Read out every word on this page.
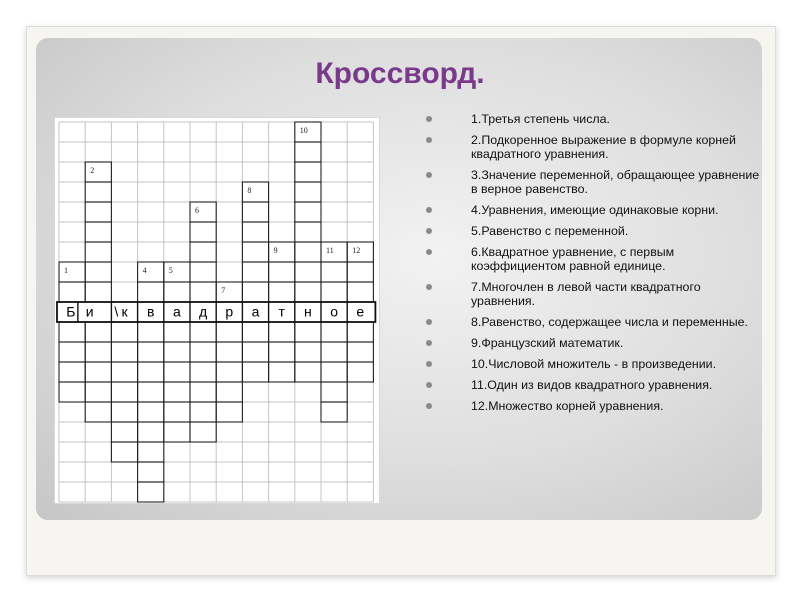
Кроссворд.
Б и \ к в а д р а т н о е
10
2
8
6
9	11 12
1	4	5
7
1.Третья степень числа.
2.Подкоренное выражение в формуле корней квадратного уравнения.
3.Значение переменной, обращающее уравнение в верное равенство.
4.Уравнения, имеющие одинаковые корни.
5.Равенство с переменной.
6.Квадратное уравнение, с первым коэффициентом равной единице.
7.Многочлен в левой части квадратного уравнения.
8.Равенство, содержащее числа и переменные.
9.Французский математик.
10.Числовой множитель - в произведении.
11.Один из видов квадратного уравнения.
12.Множество корней уравнения.
